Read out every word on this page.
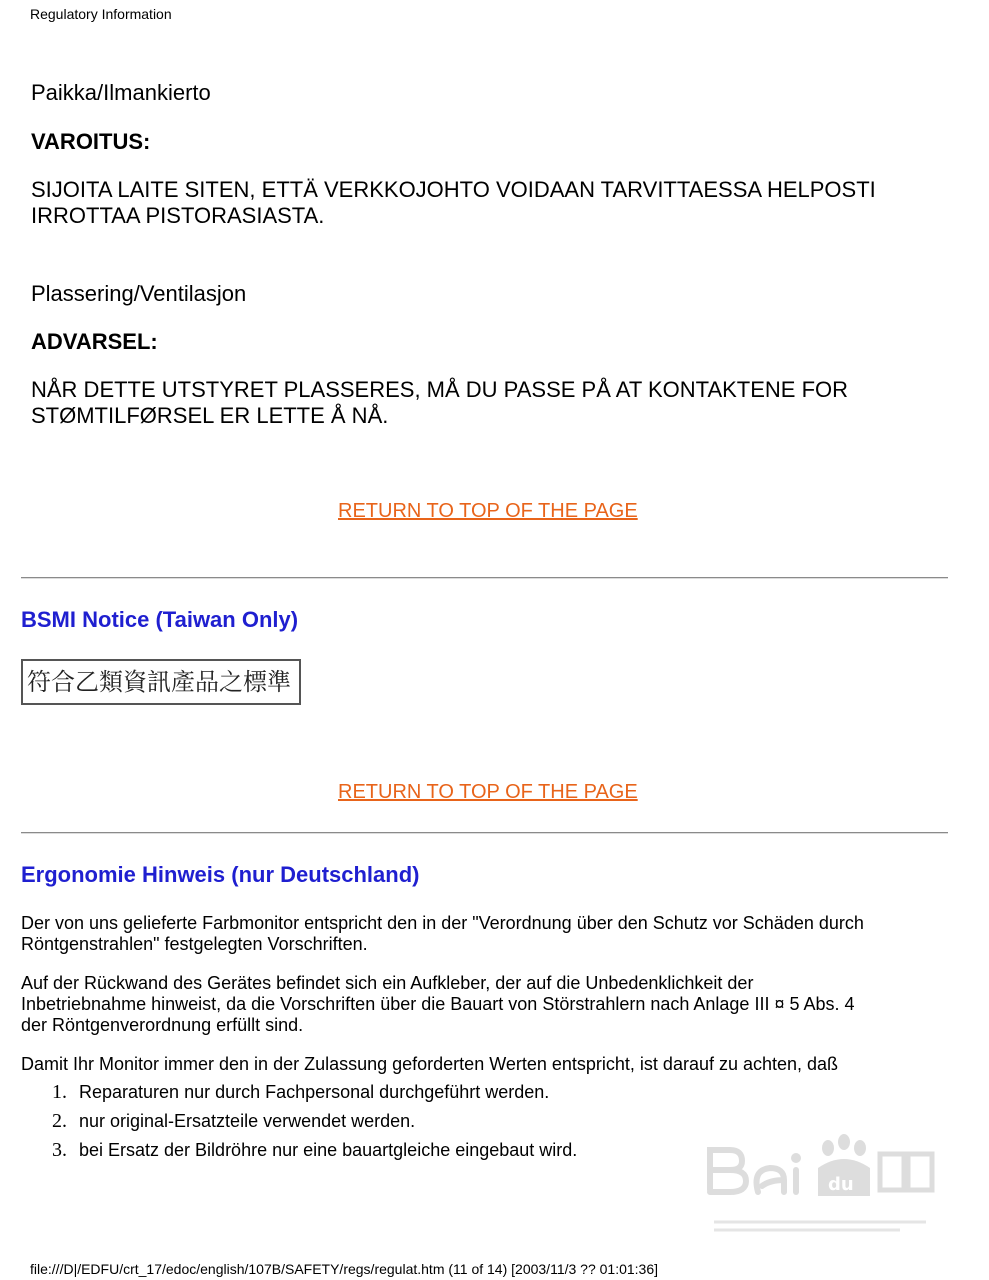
Regulatory Information
Paikka/Ilmankierto
VAROITUS:
SIJOITA LAITE SITEN, ETTÄ VERKKOJOHTO VOIDAAN TARVITTAESSA HELPOSTI
IRROTTAA PISTORASIASTA.
Plassering/Ventilasjon
ADVARSEL:
NÅR DETTE UTSTYRET PLASSERES, MÅ DU PASSE PÅ AT KONTAKTENE FOR
STØMTILFØRSEL ER LETTE Å NÅ.
RETURN TO TOP OF THE PAGE
BSMI Notice (Taiwan Only)
符合乙類資訊產品之標準
RETURN TO TOP OF THE PAGE
Ergonomie Hinweis (nur Deutschland)
Der von uns gelieferte Farbmonitor entspricht den in der "Verordnung über den Schutz vor Schäden durch
Röntgenstrahlen" festgelegten Vorschriften.
Auf der Rückwand des Gerätes befindet sich ein Aufkleber, der auf die Unbedenklichkeit der
Inbetriebnahme hinweist, da die Vorschriften über die Bauart von Störstrahlern nach Anlage III ¤ 5 Abs. 4
der Röntgenverordnung erfüllt sind.
Damit Ihr Monitor immer den in der Zulassung geforderten Werten entspricht, ist darauf zu achten, daß
1. Reparaturen nur durch Fachpersonal durchgeführt werden.
2. nur original-Ersatzteile verwendet werden.
3. bei Ersatz der Bildröhre nur eine bauartgleiche eingebaut wird.
du
file:///D|/EDFU/crt_17/edoc/english/107B/SAFETY/regs/regulat.htm (11 of 14) [2003/11/3 ?? 01:01:36]
